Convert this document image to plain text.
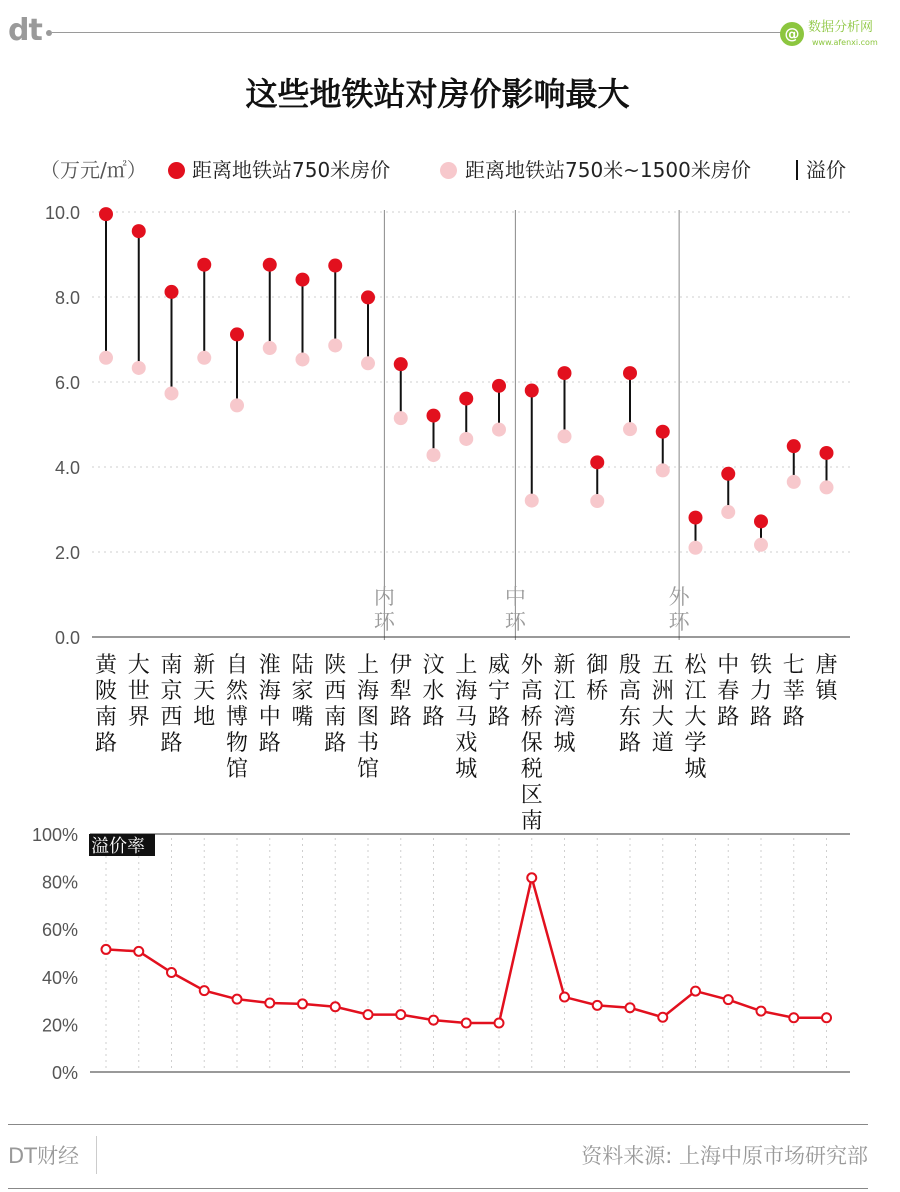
dt	@ 数据分析网
www.afenxi.com
这些地铁站对房价影响最大
（万元/㎡） 距离地铁站750米房价	距离地铁站750米~1500米房价	溢价
0.0
2.0
4.0
6.0
8.0
10.0
内
环
中
环
外
环
黄陂南路
大世界
南京西路
新天地
自然博物馆
淮海中路
陆家嘴
陕西南路
上海图书馆
伊犁路
汶水路
上海马戏城
威宁路
外高桥保税区南
新江湾城
御桥
殷高东路
五洲大道
松江大学城
中春路
铁力路
七莘路
唐镇
0%
20%
40%
60%
80%
100%
溢价率
DT财经	资料来源: 上海中原市场研究部
